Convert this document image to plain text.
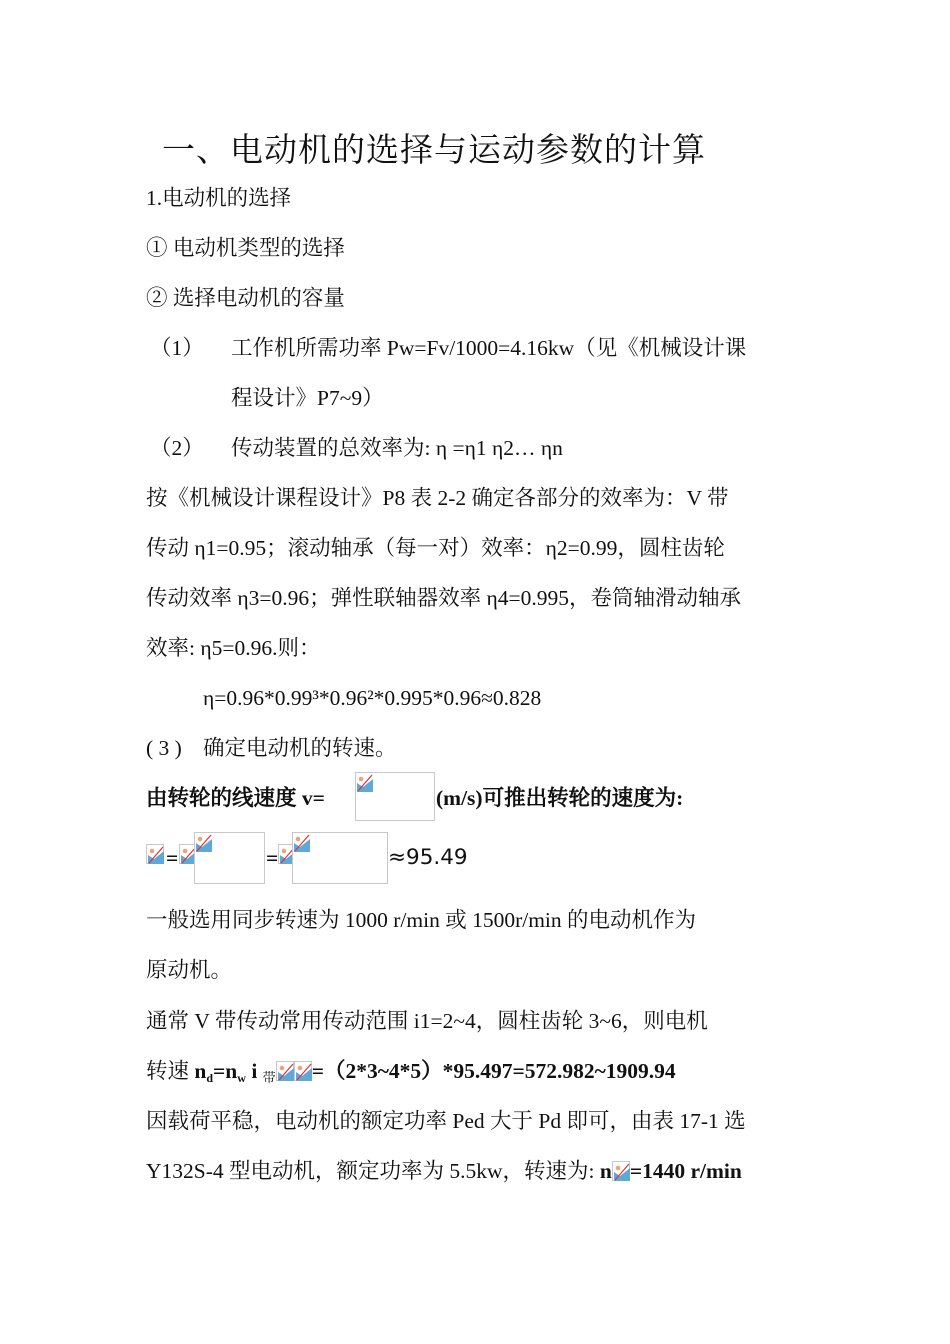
一、电动机的选择与运动参数的计算
1.电动机的选择
① 电动机类型的选择
② 选择电动机的容量
（1） 工作机所需功率 Pw=Fv/1000=4.16kw（见《机械设计课
程设计》P7~9）
（2） 传动装置的总效率为: η =η1 η2… ηn
按《机械设计课程设计》P8 表 2-2 确定各部分的效率为：V 带
传动 η1=0.95；滚动轴承（每一对）效率：η2=0.99，圆柱齿轮
传动效率 η3=0.96；弹性联轴器效率 η4=0.995，卷筒轴滑动轴承
效率: η5=0.96.则：
η=0.96*0.99³*0.96²*0.995*0.96≈0.828
( 3 ) 确定电动机的转速。
由转轮的线速度 v=	(m/s)可推出转轮的速度为:
=	=	≈95.49
一般选用同步转速为 1000 r/min 或 1500r/min 的电动机作为
原动机。
通常 V 带传动常用传动范围 i1=2~4，圆柱齿轮 3~6，则电机
转速 $n_d=n_w$ i $_带$ =（2*3~4*5）*95.497=572.982~1909.94
因载荷平稳，电动机的额定功率 Ped 大于 Pd 即可，由表 17-1 选
Y132S-4 型电动机，额定功率为 5.5kw，转速为: n =1440 r/min
